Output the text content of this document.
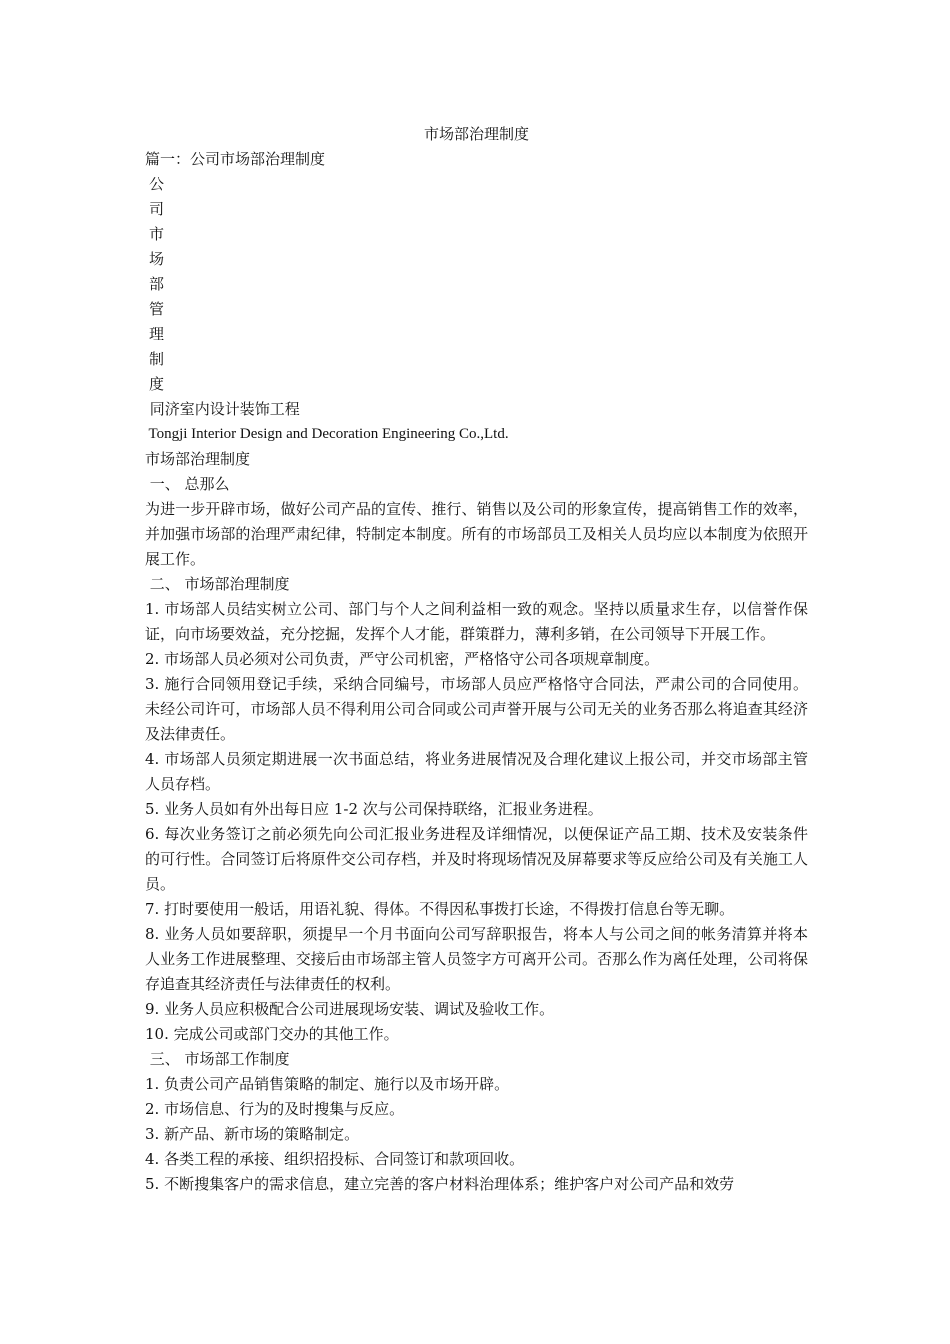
市场部治理制度

篇一：公司市场部治理制度

公
司
市
场
部
管
理
制
度

同济室内设计装饰工程

Tongji Interior Design and Decoration Engineering Co.,Ltd.

市场部治理制度

一、 总那么

为进一步开辟市场，做好公司产品的宣传、推行、销售以及公司的形象宣传，提高销售工作的效率，并加强市场部的治理严肃纪律，特制定本制度。所有的市场部员工及相关人员均应以本制度为依照开展工作。

二、 市场部治理制度

1. 市场部人员结实树立公司、部门与个人之间利益相一致的观念。坚持以质量求生存，以信誉作保证，向市场要效益，充分挖掘，发挥个人才能，群策群力，薄利多销，在公司领导下开展工作。

2. 市场部人员必须对公司负责，严守公司机密，严格恪守公司各项规章制度。

3. 施行合同领用登记手续，采纳合同编号，市场部人员应严格恪守合同法，严肃公司的合同使用。未经公司许可，市场部人员不得利用公司合同或公司声誉开展与公司无关的业务否那么将追查其经济及法律责任。

4. 市场部人员须定期进展一次书面总结，将业务进展情况及合理化建议上报公司，并交市场部主管人员存档。

5. 业务人员如有外出每日应 1-2 次与公司保持联络，汇报业务进程。

6. 每次业务签订之前必须先向公司汇报业务进程及详细情况，以便保证产品工期、技术及安装条件的可行性。合同签订后将原件交公司存档，并及时将现场情况及屏幕要求等反应给公司及有关施工人员。

7. 打时要使用一般话，用语礼貌、得体。不得因私事拨打长途，不得拨打信息台等无聊。

8. 业务人员如要辞职，须提早一个月书面向公司写辞职报告，将本人与公司之间的帐务清算并将本人业务工作进展整理、交接后由市场部主管人员签字方可离开公司。否那么作为离任处理，公司将保存追查其经济责任与法律责任的权利。

9. 业务人员应积极配合公司进展现场安装、调试及验收工作。

10. 完成公司或部门交办的其他工作。

三、 市场部工作制度

1. 负责公司产品销售策略的制定、施行以及市场开辟。

2. 市场信息、行为的及时搜集与反应。

3. 新产品、新市场的策略制定。

4. 各类工程的承接、组织招投标、合同签订和款项回收。

5. 不断搜集客户的需求信息，建立完善的客户材料治理体系；维护客户对公司产品和效劳
